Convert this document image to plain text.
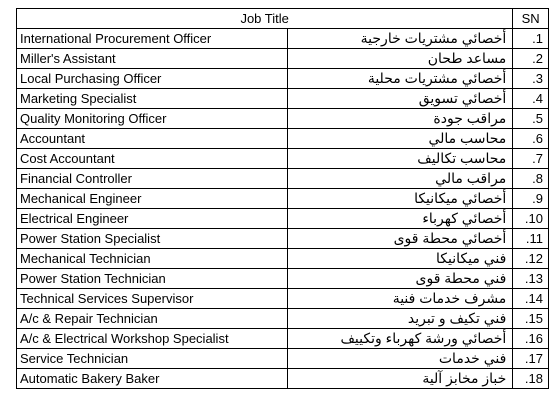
Job Title		SN
International Procurement Officer	أخصائي مشتريات خارجية	1.
Miller's Assistant	مساعد طحان	2.
Local Purchasing Officer	أخصائي مشتريات محلية	3.
Marketing Specialist	أخصائي تسويق	4.
Quality Monitoring Officer	مراقب جودة	5.
Accountant	محاسب مالي	6.
Cost Accountant	محاسب تكاليف	7.
Financial Controller	مراقب مالي	8.
Mechanical Engineer	أخصائي ميكانيكا	9.
Electrical Engineer	أخصائي كهرباء	10.
Power Station Specialist	أخصائي محطة قوى	11.
Mechanical Technician	فني ميكانيكا	12.
Power Station Technician	فني محطة قوى	13.
Technical Services Supervisor	مشرف خدمات فنية	14.
A/c & Repair Technician	فني تكيف و تبريد	15.
A/c & Electrical Workshop Specialist	أخصائي ورشة كهرباء وتكييف	16.
Service Technician	فني خدمات	17.
Automatic Bakery Baker	خباز مخابز آلية	18.
